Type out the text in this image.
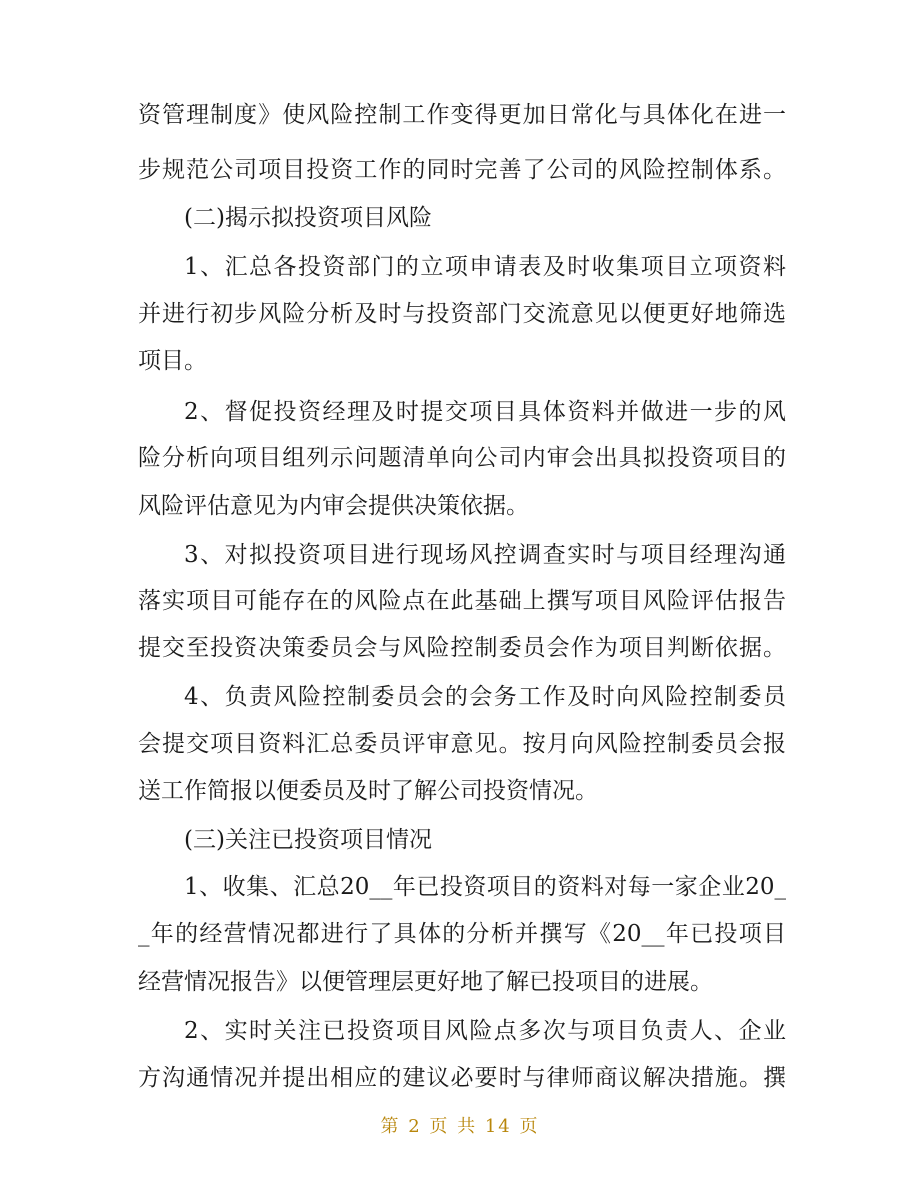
资管理制度》使风险控制工作变得更加日常化与具体化在进一
步规范公司项目投资工作的同时完善了公司的风险控制体系。
(二)揭示拟投资项目风险
1、汇总各投资部门的立项申请表及时收集项目立项资料
并进行初步风险分析及时与投资部门交流意见以便更好地筛选
项目。
2、督促投资经理及时提交项目具体资料并做进一步的风
险分析向项目组列示问题清单向公司内审会出具拟投资项目的
风险评估意见为内审会提供决策依据。
3、对拟投资项目进行现场风控调查实时与项目经理沟通
落实项目可能存在的风险点在此基础上撰写项目风险评估报告
提交至投资决策委员会与风险控制委员会作为项目判断依据。
4、负责风险控制委员会的会务工作及时向风险控制委员
会提交项目资料汇总委员评审意见。按月向风险控制委员会报
送工作简报以便委员及时了解公司投资情况。
(三)关注已投资项目情况
1、收集、汇总20__年已投资项目的资料对每一家企业20_
_年的经营情况都进行了具体的分析并撰写《20__年已投项目
经营情况报告》以便管理层更好地了解已投项目的进展。
2、实时关注已投资项目风险点多次与项目负责人、企业
方沟通情况并提出相应的建议必要时与律师商议解决措施。撰
第 2 页 共 14 页
